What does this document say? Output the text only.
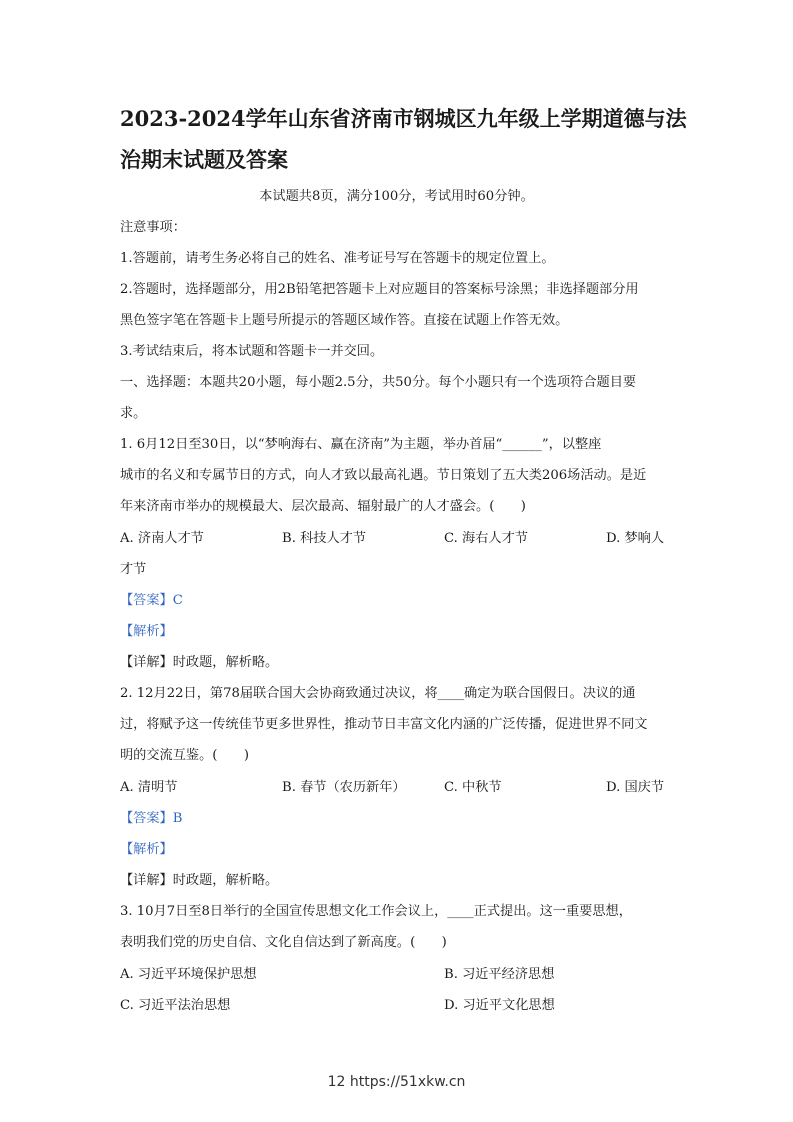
2023-2024学年山东省济南市钢城区九年级上学期道德与法
治期末试题及答案
本试题共8页，满分100分，考试用时60分钟。
注意事项：
1.答题前，请考生务必将自己的姓名、准考证号写在答题卡的规定位置上。
2.答题时，选择题部分，用2B铅笔把答题卡上对应题目的答案标号涂黑；非选择题部分用
黑色签字笔在答题卡上题号所提示的答题区域作答。直接在试题上作答无效。
3.考试结束后，将本试题和答题卡一并交回。
一、选择题：本题共20小题，每小题2.5分，共50分。每个小题只有一个选项符合题目要
求。
1. 6月12日至30日，以“梦响海右、赢在济南”为主题，举办首届“______”，以整座
城市的名义和专属节日的方式，向人才致以最高礼遇。节日策划了五大类206场活动。是近
年来济南市举办的规模最大、层次最高、辐射最广的人才盛会。(　　)
A. 济南人才节	B. 科技人才节	C. 海右人才节	D. 梦响人
才节
【答案】C
【解析】
【详解】时政题，解析略。
2. 12月22日，第78届联合国大会协商致通过决议，将____确定为联合国假日。决议的通
过，将赋予这一传统佳节更多世界性，推动节日丰富文化内涵的广泛传播，促进世界不同文
明的交流互鉴。(　　)
A. 清明节	B. 春节（农历新年）	C. 中秋节	D. 国庆节
【答案】B
【解析】
【详解】时政题，解析略。
3. 10月7日至8日举行的全国宣传思想文化工作会议上，____正式提出。这一重要思想，
表明我们党的历史自信、文化自信达到了新高度。(　　)
A. 习近平环境保护思想	B. 习近平经济思想
C. 习近平法治思想	D. 习近平文化思想
12 https://51xkw.cn
